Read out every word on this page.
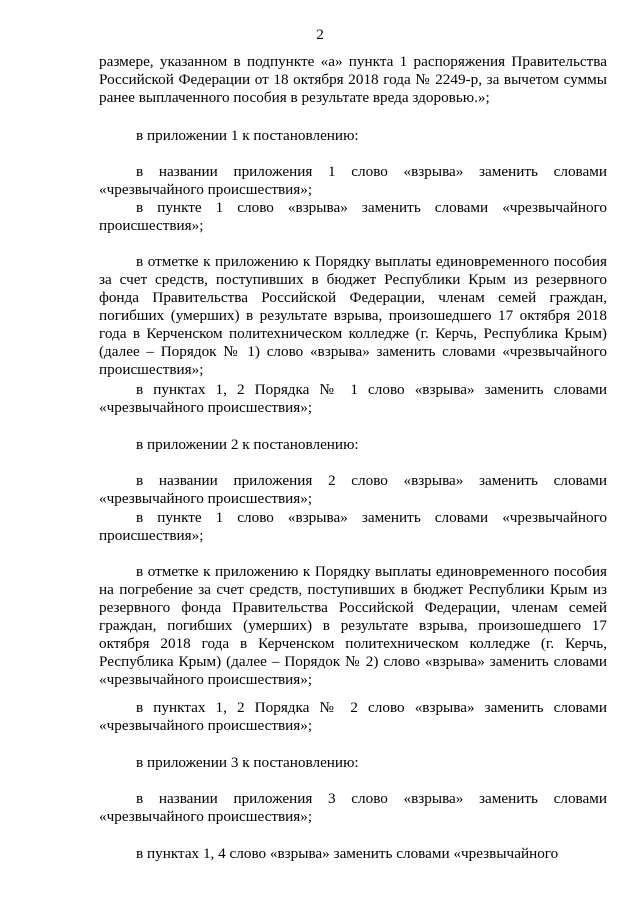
2
размере, указанном в подпункте «а» пункта 1 распоряжения Правительства Российской Федерации от 18 октября 2018 года № 2249-р, за вычетом суммы ранее выплаченного пособия в результате вреда здоровью.»;
в приложении 1 к постановлению:
в названии приложения 1 слово «взрыва» заменить словами «чрезвычайного происшествия»;
в пункте 1 слово «взрыва» заменить словами «чрезвычайного происшествия»;
в отметке к приложению к Порядку выплаты единовременного пособия за счет средств, поступивших в бюджет Республики Крым из резервного фонда Правительства Российской Федерации, членам семей граждан, погибших (умерших) в результате взрыва, произошедшего 17 октября 2018 года в Керченском политехническом колледже (г. Керчь, Республика Крым) (далее – Порядок № 1) слово «взрыва» заменить словами «чрезвычайного происшествия»;
в пунктах 1, 2 Порядка № 1 слово «взрыва» заменить словами «чрезвычайного происшествия»;
в приложении 2 к постановлению:
в названии приложения 2 слово «взрыва» заменить словами «чрезвычайного происшествия»;
в пункте 1 слово «взрыва» заменить словами «чрезвычайного происшествия»;
в отметке к приложению к Порядку выплаты единовременного пособия на погребение за счет средств, поступивших в бюджет Республики Крым из резервного фонда Правительства Российской Федерации, членам семей граждан, погибших (умерших) в результате взрыва, произошедшего 17 октября 2018 года в Керченском политехническом колледже (г. Керчь, Республика Крым) (далее – Порядок № 2) слово «взрыва» заменить словами «чрезвычайного происшествия»;
в пунктах 1, 2 Порядка № 2 слово «взрыва» заменить словами «чрезвычайного происшествия»;
в приложении 3 к постановлению:
в названии приложения 3 слово «взрыва» заменить словами «чрезвычайного происшествия»;
в пунктах 1, 4 слово «взрыва» заменить словами «чрезвычайного
